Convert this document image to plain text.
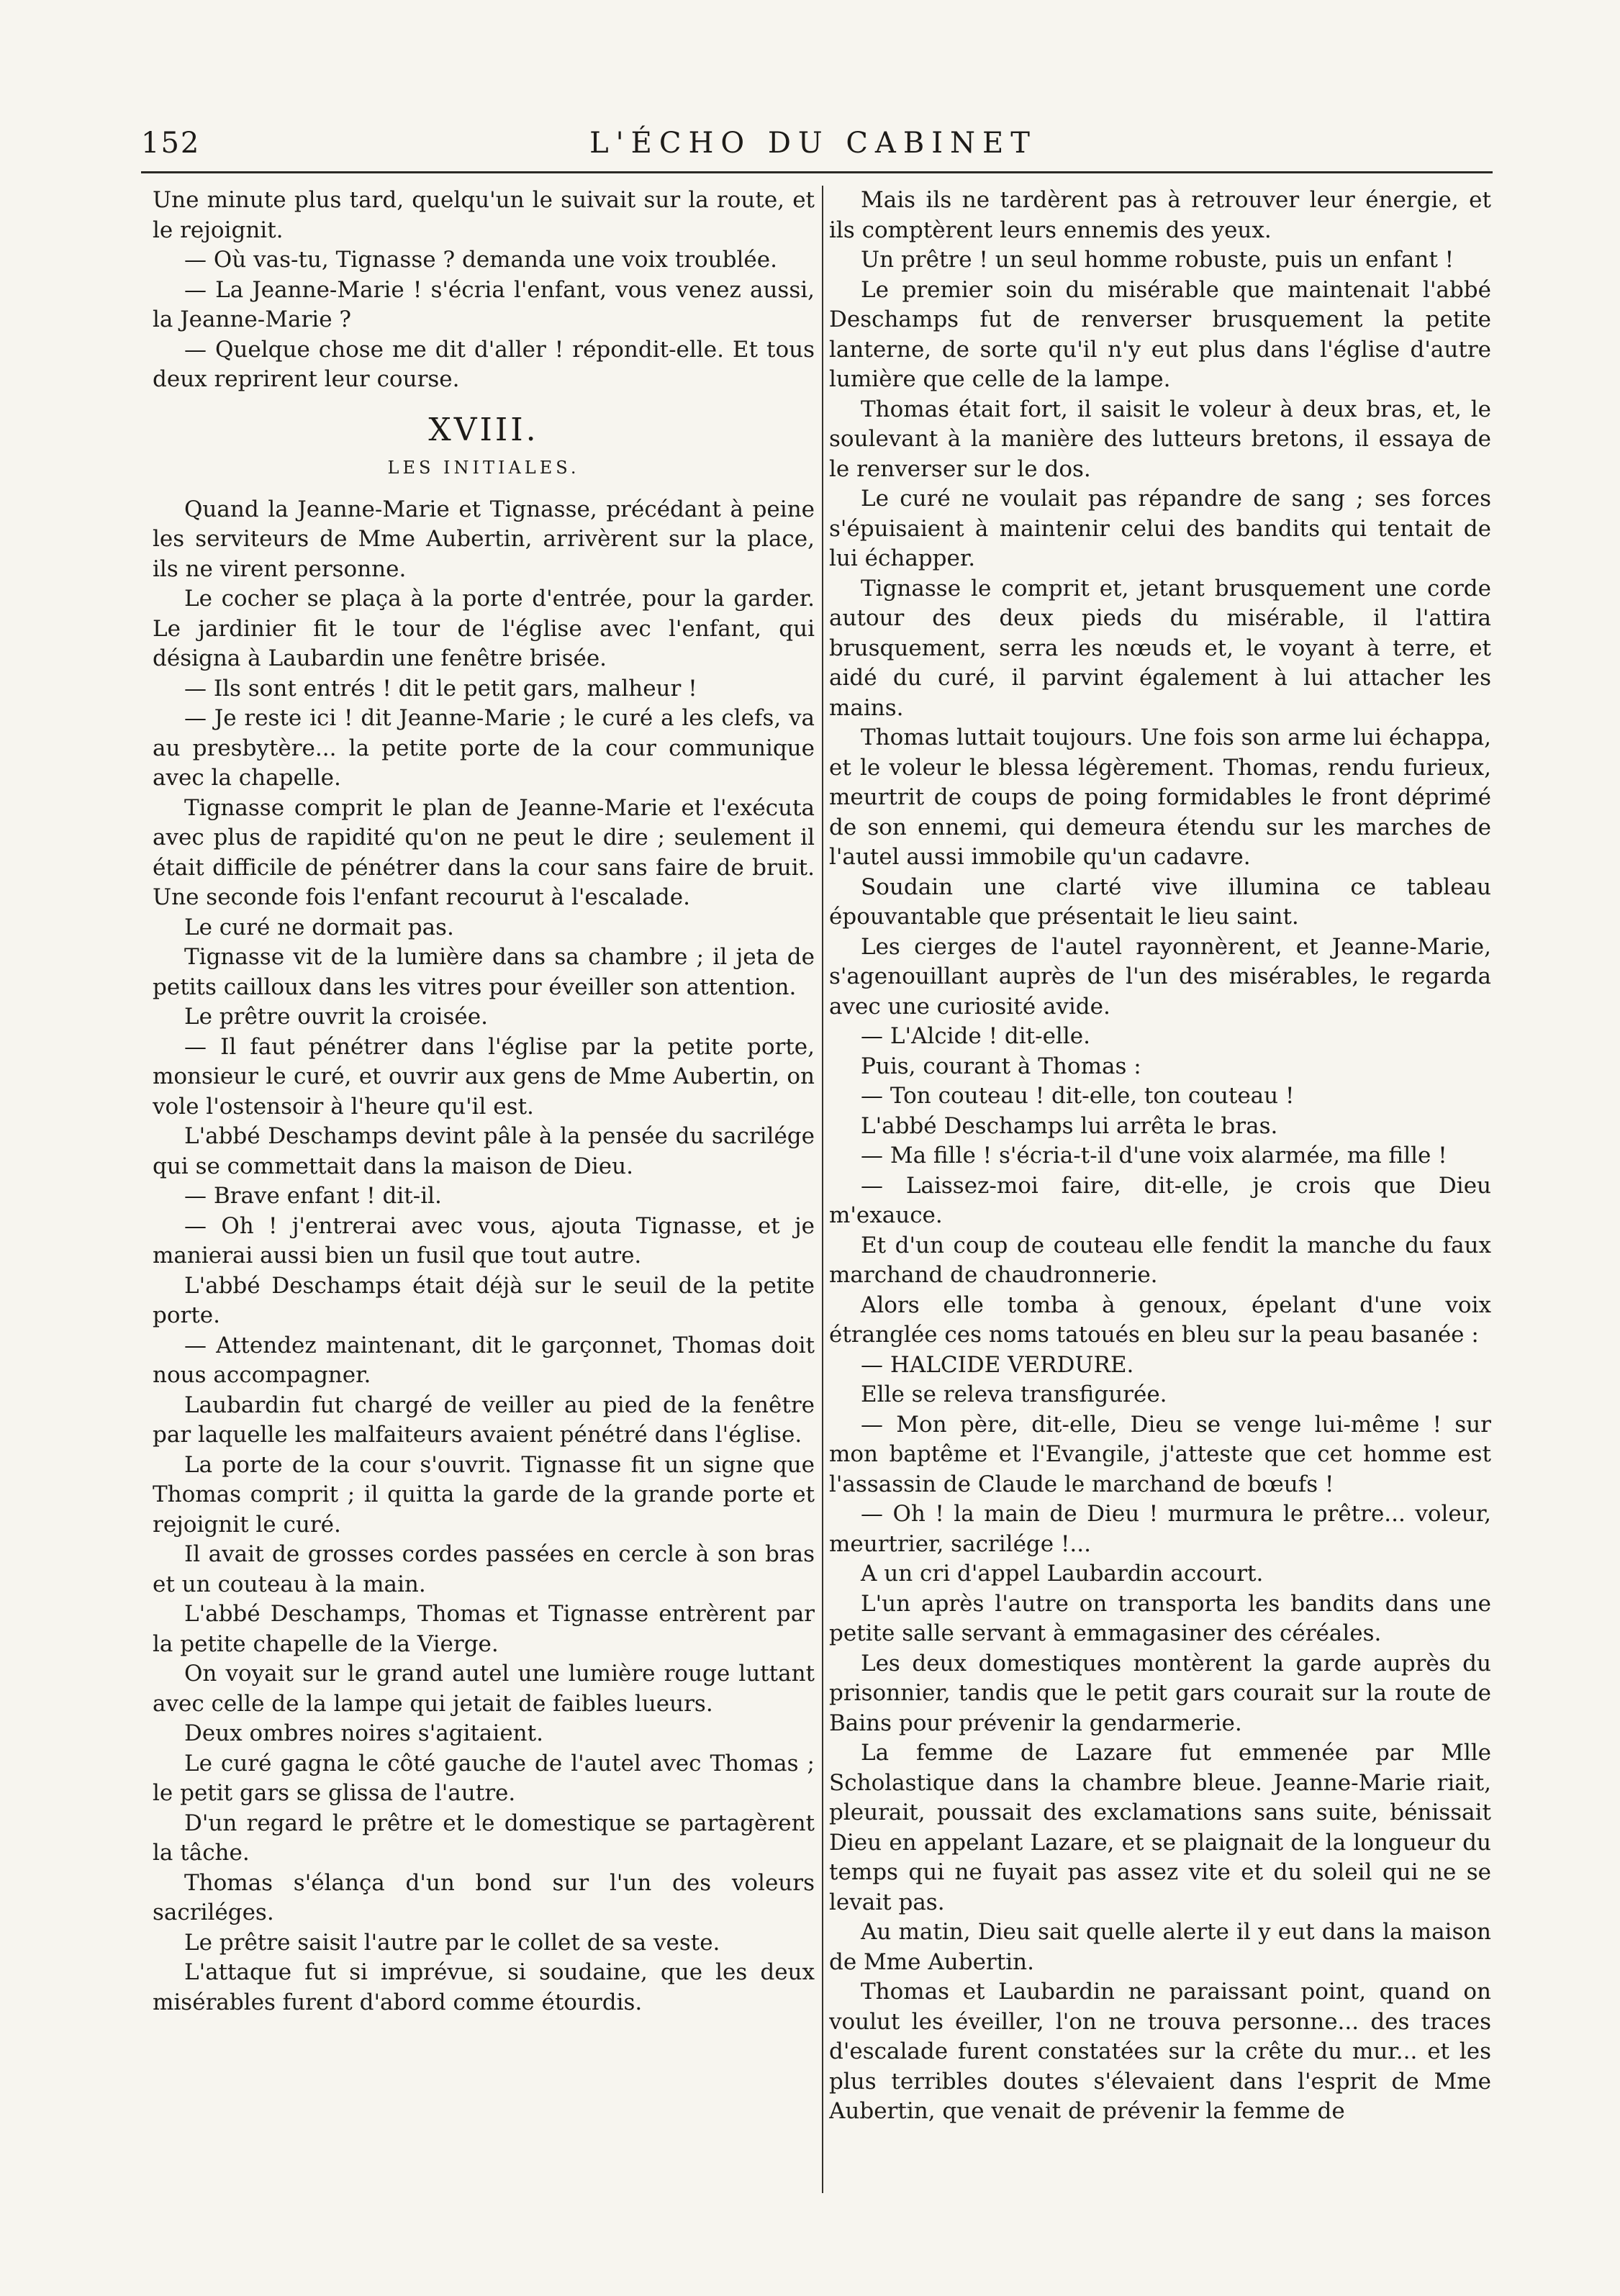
152	L'ÉCHO DU CABINET

Une minute plus tard, quelqu'un le suivait sur la route, et le rejoignit.

— Où vas-tu, Tignasse ? demanda une voix troublée.

— La Jeanne-Marie ! s'écria l'enfant, vous venez aussi, la Jeanne-Marie ?

— Quelque chose me dit d'aller ! répondit-elle. Et tous deux reprirent leur course.

XVIII.
LES INITIALES.

Quand la Jeanne-Marie et Tignasse, précédant à peine les serviteurs de Mme Aubertin, arrivèrent sur la place, ils ne virent personne.

Le cocher se plaça à la porte d'entrée, pour la garder. Le jardinier fit le tour de l'église avec l'enfant, qui désigna à Laubardin une fenêtre brisée.

— Ils sont entrés ! dit le petit gars, malheur !

— Je reste ici ! dit Jeanne-Marie ; le curé a les clefs, va au presbytère... la petite porte de la cour communique avec la chapelle.

Tignasse comprit le plan de Jeanne-Marie et l'exécuta avec plus de rapidité qu'on ne peut le dire ; seulement il était difficile de pénétrer dans la cour sans faire de bruit. Une seconde fois l'enfant recourut à l'escalade.

Le curé ne dormait pas.

Tignasse vit de la lumière dans sa chambre ; il jeta de petits cailloux dans les vitres pour éveiller son attention.

Le prêtre ouvrit la croisée.

— Il faut pénétrer dans l'église par la petite porte, monsieur le curé, et ouvrir aux gens de Mme Aubertin, on vole l'ostensoir à l'heure qu'il est.

L'abbé Deschamps devint pâle à la pensée du sacrilége qui se commettait dans la maison de Dieu.

— Brave enfant ! dit-il.

— Oh ! j'entrerai avec vous, ajouta Tignasse, et je manierai aussi bien un fusil que tout autre.

L'abbé Deschamps était déjà sur le seuil de la petite porte.

— Attendez maintenant, dit le garçonnet, Thomas doit nous accompagner.

Laubardin fut chargé de veiller au pied de la fenêtre par laquelle les malfaiteurs avaient pénétré dans l'église.

La porte de la cour s'ouvrit. Tignasse fit un signe que Thomas comprit ; il quitta la garde de la grande porte et rejoignit le curé.

Il avait de grosses cordes passées en cercle à son bras et un couteau à la main.

L'abbé Deschamps, Thomas et Tignasse entrèrent par la petite chapelle de la Vierge.

On voyait sur le grand autel une lumière rouge luttant avec celle de la lampe qui jetait de faibles lueurs.

Deux ombres noires s'agitaient.

Le curé gagna le côté gauche de l'autel avec Thomas ; le petit gars se glissa de l'autre.

D'un regard le prêtre et le domestique se partagèrent la tâche.

Thomas s'élança d'un bond sur l'un des voleurs sacriléges.

Le prêtre saisit l'autre par le collet de sa veste.

L'attaque fut si imprévue, si soudaine, que les deux misérables furent d'abord comme étourdis.

Mais ils ne tardèrent pas à retrouver leur énergie, et ils comptèrent leurs ennemis des yeux.

Un prêtre ! un seul homme robuste, puis un enfant !

Le premier soin du misérable que maintenait l'abbé Deschamps fut de renverser brusquement la petite lanterne, de sorte qu'il n'y eut plus dans l'église d'autre lumière que celle de la lampe.

Thomas était fort, il saisit le voleur à deux bras, et, le soulevant à la manière des lutteurs bretons, il essaya de le renverser sur le dos.

Le curé ne voulait pas répandre de sang ; ses forces s'épuisaient à maintenir celui des bandits qui tentait de lui échapper.

Tignasse le comprit et, jetant brusquement une corde autour des deux pieds du misérable, il l'attira brusquement, serra les nœuds et, le voyant à terre, et aidé du curé, il parvint également à lui attacher les mains.

Thomas luttait toujours. Une fois son arme lui échappa, et le voleur le blessa légèrement. Thomas, rendu furieux, meurtrit de coups de poing formidables le front déprimé de son ennemi, qui demeura étendu sur les marches de l'autel aussi immobile qu'un cadavre.

Soudain une clarté vive illumina ce tableau épouvantable que présentait le lieu saint.

Les cierges de l'autel rayonnèrent, et Jeanne-Marie, s'agenouillant auprès de l'un des misérables, le regarda avec une curiosité avide.

— L'Alcide ! dit-elle.

Puis, courant à Thomas :

— Ton couteau ! dit-elle, ton couteau !

L'abbé Deschamps lui arrêta le bras.

— Ma fille ! s'écria-t-il d'une voix alarmée, ma fille !

— Laissez-moi faire, dit-elle, je crois que Dieu m'exauce.

Et d'un coup de couteau elle fendit la manche du faux marchand de chaudronnerie.

Alors elle tomba à genoux, épelant d'une voix étranglée ces noms tatoués en bleu sur la peau basanée :

— HALCIDE VERDURE.

Elle se releva transfigurée.

— Mon père, dit-elle, Dieu se venge lui-même ! sur mon baptême et l'Evangile, j'atteste que cet homme est l'assassin de Claude le marchand de bœufs !

— Oh ! la main de Dieu ! murmura le prêtre... voleur, meurtrier, sacrilége !...

A un cri d'appel Laubardin accourt.

L'un après l'autre on transporta les bandits dans une petite salle servant à emmagasiner des céréales.

Les deux domestiques montèrent la garde auprès du prisonnier, tandis que le petit gars courait sur la route de Bains pour prévenir la gendarmerie.

La femme de Lazare fut emmenée par Mlle Scholastique dans la chambre bleue. Jeanne-Marie riait, pleurait, poussait des exclamations sans suite, bénissait Dieu en appelant Lazare, et se plaignait de la longueur du temps qui ne fuyait pas assez vite et du soleil qui ne se levait pas.

Au matin, Dieu sait quelle alerte il y eut dans la maison de Mme Aubertin.

Thomas et Laubardin ne paraissant point, quand on voulut les éveiller, l'on ne trouva personne... des traces d'escalade furent constatées sur la crête du mur... et les plus terribles doutes s'élevaient dans l'esprit de Mme Aubertin, que venait de prévenir la femme de
